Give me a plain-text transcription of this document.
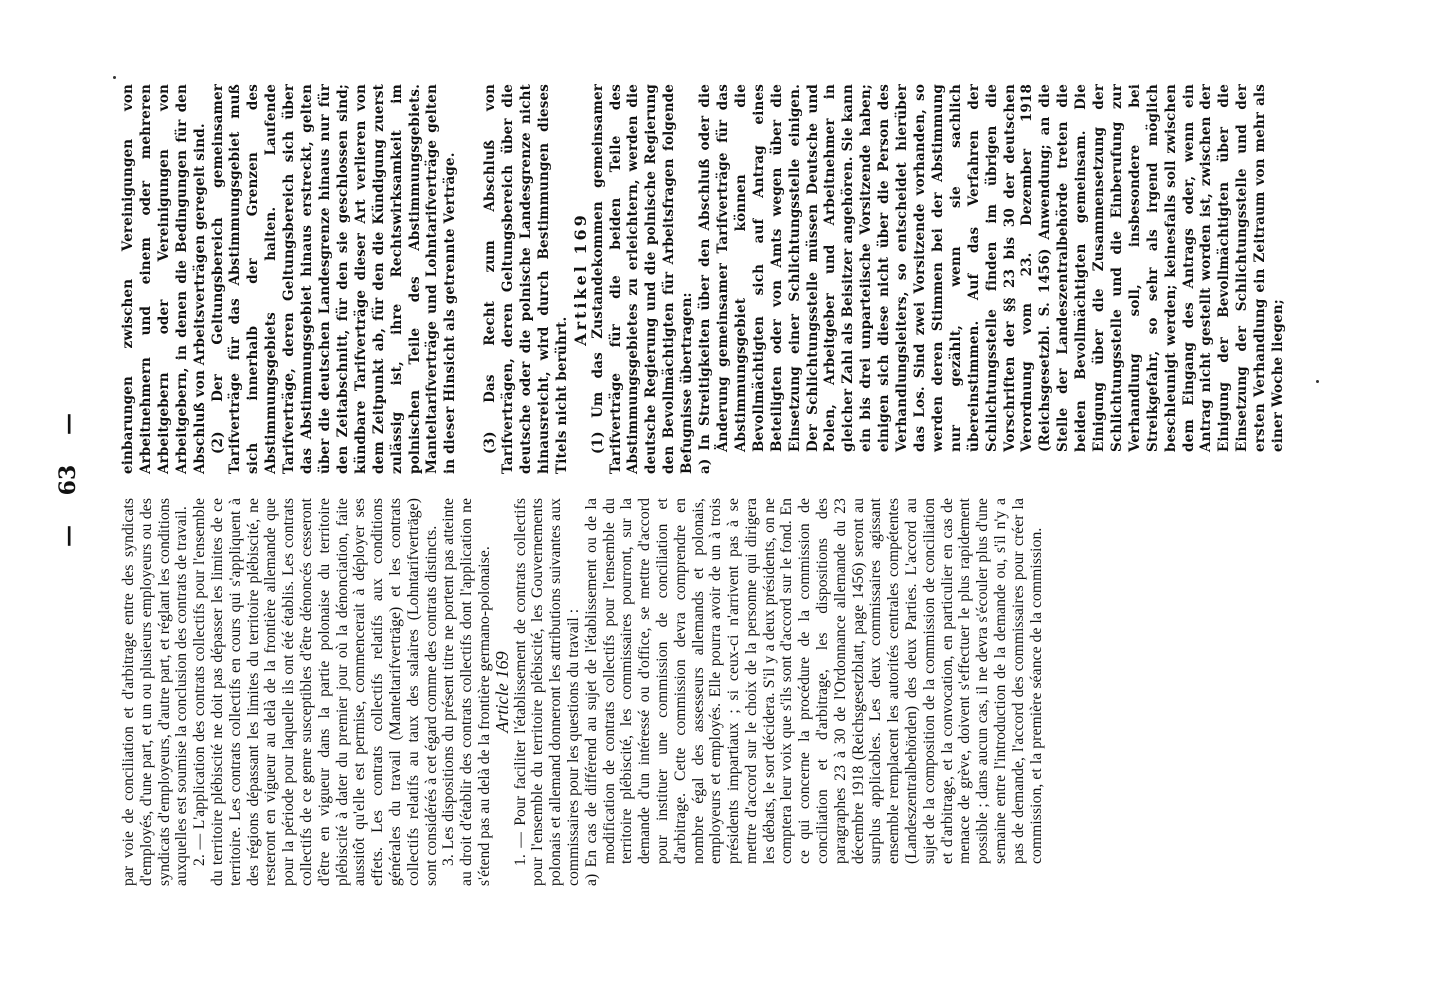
— 63 —

par voie de conciliation et d'arbitrage entre des syndicats d'employés, d'une part, et un ou plusieurs employeurs ou des syndicats d'employeurs, d'autre part, et réglant les conditions auxquelles est soumise la conclusion des contrats de travail. 2. — L'application des contrats collectifs pour l'ensemble du territoire plébiscité ne doit pas dépasser les limites de ce territoire. Les contrats collectifs en cours qui s'appliquent à des régions dépassant les limites du territoire plébiscité, ne resteront en vigueur au delà de la frontière allemande que pour la période pour laquelle ils ont été établis. Les contrats collectifs de ce genre susceptibles d'être dénoncés cesseront d'être en vigueur dans la partie polonaise du territoire plébiscité à dater du premier jour où la dénonciation, faite aussitôt qu'elle est permise, commencerait à déployer ses effets. Les contrats collectifs relatifs aux conditions générales du travail (Manteltarifverträge) et les contrats collectifs relatifs au taux des salaires (Lohntarifverträge) sont considérés à cet égard comme des contrats distincts. 3. Les dispositions du présent titre ne portent pas atteinte au droit d'établir des contrats collectifs dont l'application ne s'étend pas au delà de la frontière germano-polonaise.

Article 169 1. — Pour faciliter l'établissement de contrats collectifs pour l'ensemble du territoire plébiscité, les Gouvernements polonais et allemand donneront les attributions suivantes aux commissaires pour les questions du travail : a) En cas de différend au sujet de l'établissement ou de la modification de contrats collectifs pour l'ensemble du territoire plébiscité, les commissaires pourront, sur la demande d'un intéressé ou d'office, se mettre d'accord pour instituer une commission de conciliation et d'arbitrage. Cette commission devra comprendre en nombre égal des assesseurs allemands et polonais, employeurs et employés. Elle pourra avoir de un à trois présidents impartiaux ; si ceux-ci n'arrivent pas à se mettre d'accord sur le choix de la personne qui dirigera les débats, le sort décidera. S'il y a deux présidents, on ne comptera leur voix que s'ils sont d'accord sur le fond. En ce qui concerne la procédure de la commission de conciliation et d'arbitrage, les dispositions des paragraphes 23 à 30 de l'Ordonnance allemande du 23 décembre 1918 (Reichsgesetzblatt, page 1456) seront au surplus applicables. Les deux commissaires agissant ensemble remplacent les autorités centrales compétentes (Landeszentralbehörden) des deux Parties. L'accord au sujet de la composition de la commission de conciliation et d'arbitrage, et la convocation, en particulier en cas de menace de grève, doivent s'effectuer le plus rapidement possible ; dans aucun cas, il ne devra s'écouler plus d'une semaine entre l'introduction de la demande ou, s'il n'y a pas de demande, l'accord des commissaires pour créer la commission, et la première séance de la commission.

einbarungen zwischen Vereinigungen von Arbeitnehmern und einem oder mehreren Arbeitgebern oder Vereinigungen von Arbeitgebern, in denen die Bedingungen für den Abschluß von Arbeitsverträgen geregelt sind. (2) Der Geltungsbereich gemeinsamer Tarifverträge für das Abstimmungsgebiet muß sich innerhalb der Grenzen des Abstimmungsgebiets halten. Laufende Tarifverträge, deren Geltungsbereich sich über das Abstimmungsgebiet hinaus erstreckt, gelten über die deutschen Landesgrenze hinaus nur für den Zeitabschnitt, für den sie geschlossen sind; kündbare Tarifverträge dieser Art verlieren von dem Zeitpunkt ab, für den die Kündigung zuerst zulässig ist, ihre Rechtswirksamkeit im polnischen Teile des Abstimmungsgebiets. Manteltarifverträge und Lohntarifverträge gelten in dieser Hinsicht als getrennte Verträge. (3) Das Recht zum Abschluß von Tarifverträgen, deren Geltungsbereich über die deutsche oder die polnische Landesgrenze nicht hinausreicht, wird durch Bestimmungen dieses Titels nicht berührt.

Artikel 169 (1) Um das Zustandekommen gemeinsamer Tarifverträge für die beiden Teile des Abstimmungsgebietes zu erleichtern, werden die deutsche Regierung und die polnische Regierung den Bevollmächtigten für Arbeitsfragen folgende Befugnisse übertragen: a) In Streitigkeiten über den Abschluß oder die Änderung gemeinsamer Tarifverträge für das Abstimmungsgebiet können die Bevollmächtigten sich auf Antrag eines Beteiligten oder von Amts wegen über die Einsetzung einer Schlichtungsstelle einigen. Der Schlichtungsstelle müssen Deutsche und Polen, Arbeitgeber und Arbeitnehmer in gleicher Zahl als Beisitzer angehören. Sie kann ein bis drei unparteiische Vorsitzende haben; einigen sich diese nicht über die Person des Verhandlungsleiters, so entscheidet hierüber das Los. Sind zwei Vorsitzende vorhanden, so werden deren Stimmen bei der Abstimmung nur gezählt, wenn sie sachlich übereinstimmen. Auf das Verfahren der Schlichtungsstelle finden im übrigen die Vorschriften der §§ 23 bis 30 der deutschen Verordnung vom 23. Dezember 1918 (Reichsgesetzbl. S. 1456) Anwendung; an die Stelle der Landeszentralbehörde treten die beiden Bevollmächtigten gemeinsam. Die Einigung über die Zusammensetzung der Schlichtungsstelle und die Einberufung zur Verhandlung soll, insbesondere bei Streikgefahr, so sehr als irgend möglich beschleunigt werden; keinesfalls soll zwischen dem Eingang des Antrags oder, wenn ein Antrag nicht gestellt worden ist, zwischen der Einigung der Bevollmächtigten über die Einsetzung der Schlichtungsstelle und der ersten Verhandlung ein Zeitraum von mehr als einer Woche liegen;
